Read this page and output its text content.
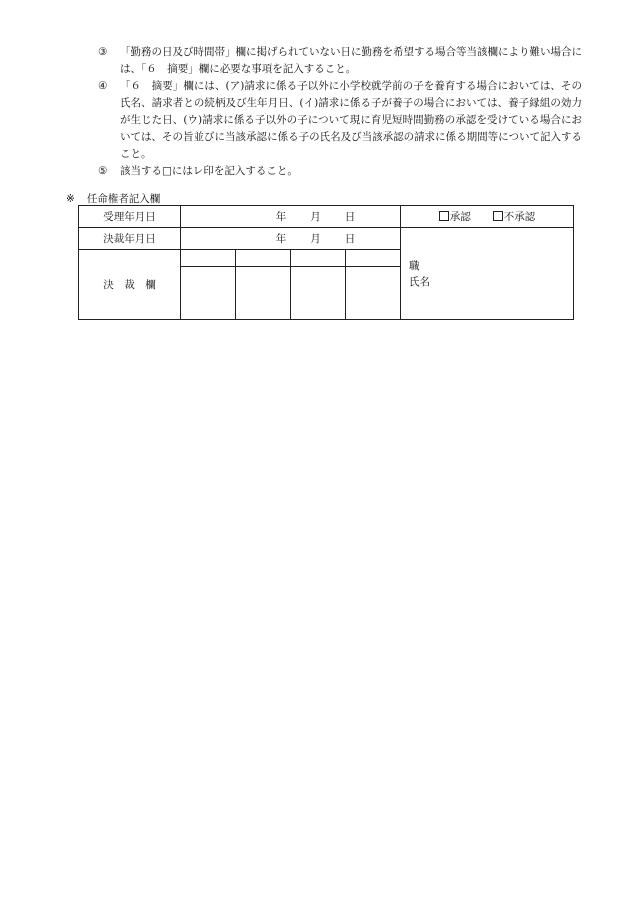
③	「勤務の日及び時間帯」欄に掲げられていない日に勤務を希望する場合等当該欄により難い場合には、「６　摘要」欄に必要な事項を記入すること。
④	「６　摘要」欄には、(ア)請求に係る子以外に小学校就学前の子を養育する場合においては、その氏名、請求者との続柄及び生年月日、(イ)請求に係る子が養子の場合においては、養子縁組の効力が生じた日、(ウ)請求に係る子以外の子について現に育児短時間勤務の承認を受けている場合においては、その旨並びに当該承認に係る子の氏名及び当該承認の請求に係る期間等について記入すること。
⑤	該当する□にはレ印を記入すること。
※ 任命権者記入欄
受理年月日	年 月 日				承認 不承認
決裁年月日	年 月 日				職
氏名

決　裁　欄		
